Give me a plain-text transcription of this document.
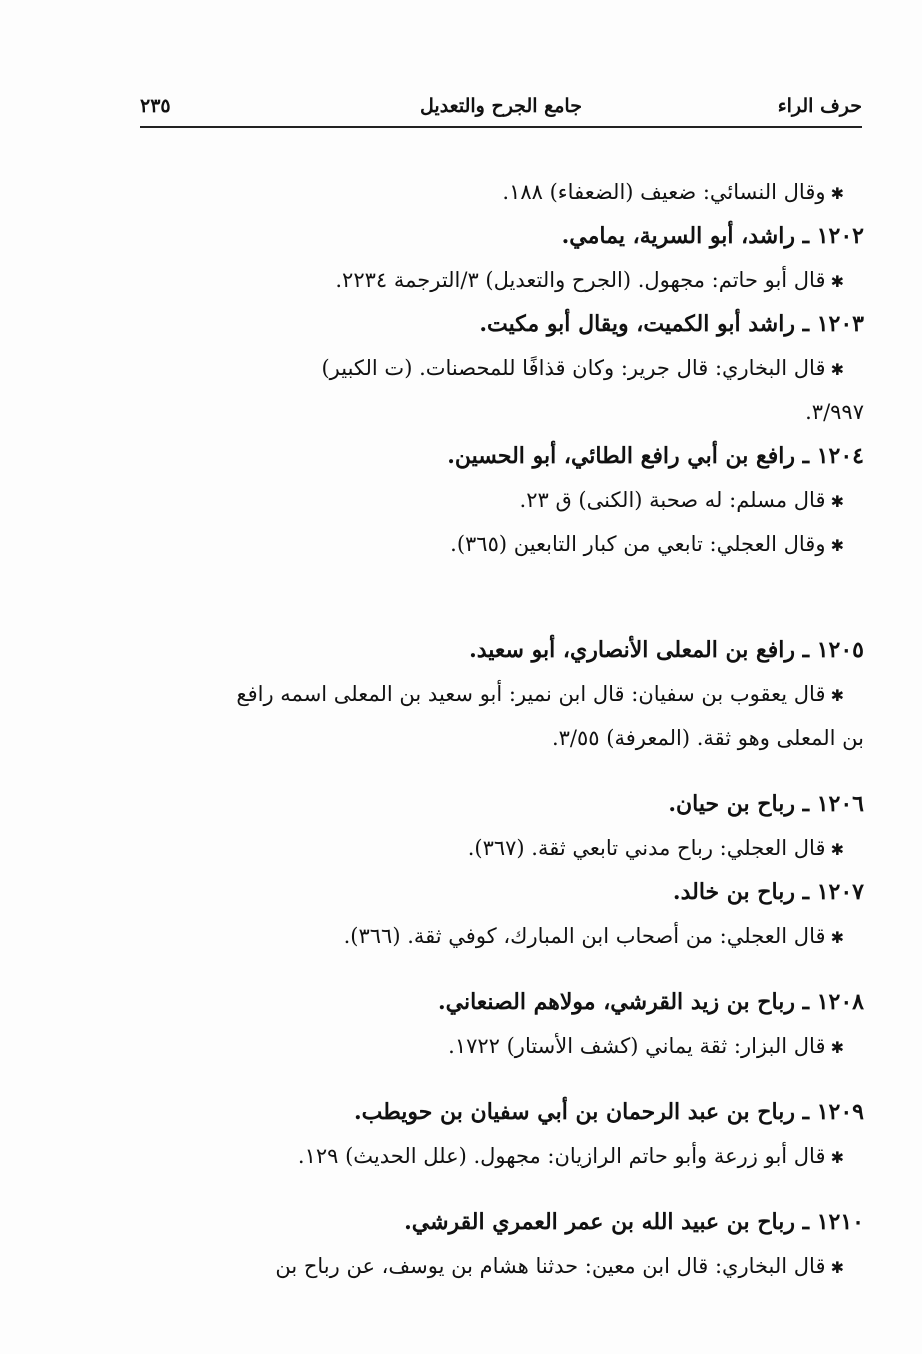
حرف الراء
جامع الجرح والتعديل
٢٣٥
✱ وقال النسائي: ضعيف (الضعفاء) ١٨٨.
١٢٠٢ ـ راشد، أبو السرية، يمامي.
✱ قال أبو حاتم: مجهول. (الجرح والتعديل) ٣/الترجمة ٢٢٣٤.
١٢٠٣ ـ راشد أبو الكميت، ويقال أبو مكيت.
✱ قال البخاري: قال جرير: وكان قذافًا للمحصنات. (ت الكبير)
٣/٩٩٧.
١٢٠٤ ـ رافع بن أبي رافع الطائي، أبو الحسين.
✱ قال مسلم: له صحبة (الكنى) ق ٢٣.
✱ وقال العجلي: تابعي من كبار التابعين (٣٦٥).
١٢٠٥ ـ رافع بن المعلى الأنصاري، أبو سعيد.
✱ قال يعقوب بن سفيان: قال ابن نمير: أبو سعيد بن المعلى اسمه رافع
بن المعلى وهو ثقة. (المعرفة) ٣/٥٥.
١٢٠٦ ـ رباح بن حيان.
✱ قال العجلي: رباح مدني تابعي ثقة. (٣٦٧).
١٢٠٧ ـ رباح بن خالد.
✱ قال العجلي: من أصحاب ابن المبارك، كوفي ثقة. (٣٦٦).
١٢٠٨ ـ رباح بن زيد القرشي، مولاهم الصنعاني.
✱ قال البزار: ثقة يماني (كشف الأستار) ١٧٢٢.
١٢٠٩ ـ رباح بن عبد الرحمان بن أبي سفيان بن حويطب.
✱ قال أبو زرعة وأبو حاتم الرازيان: مجهول. (علل الحديث) ١٢٩.
١٢١٠ ـ رباح بن عبيد الله بن عمر العمري القرشي.
✱ قال البخاري: قال ابن معين: حدثنا هشام بن يوسف، عن رباح بن
